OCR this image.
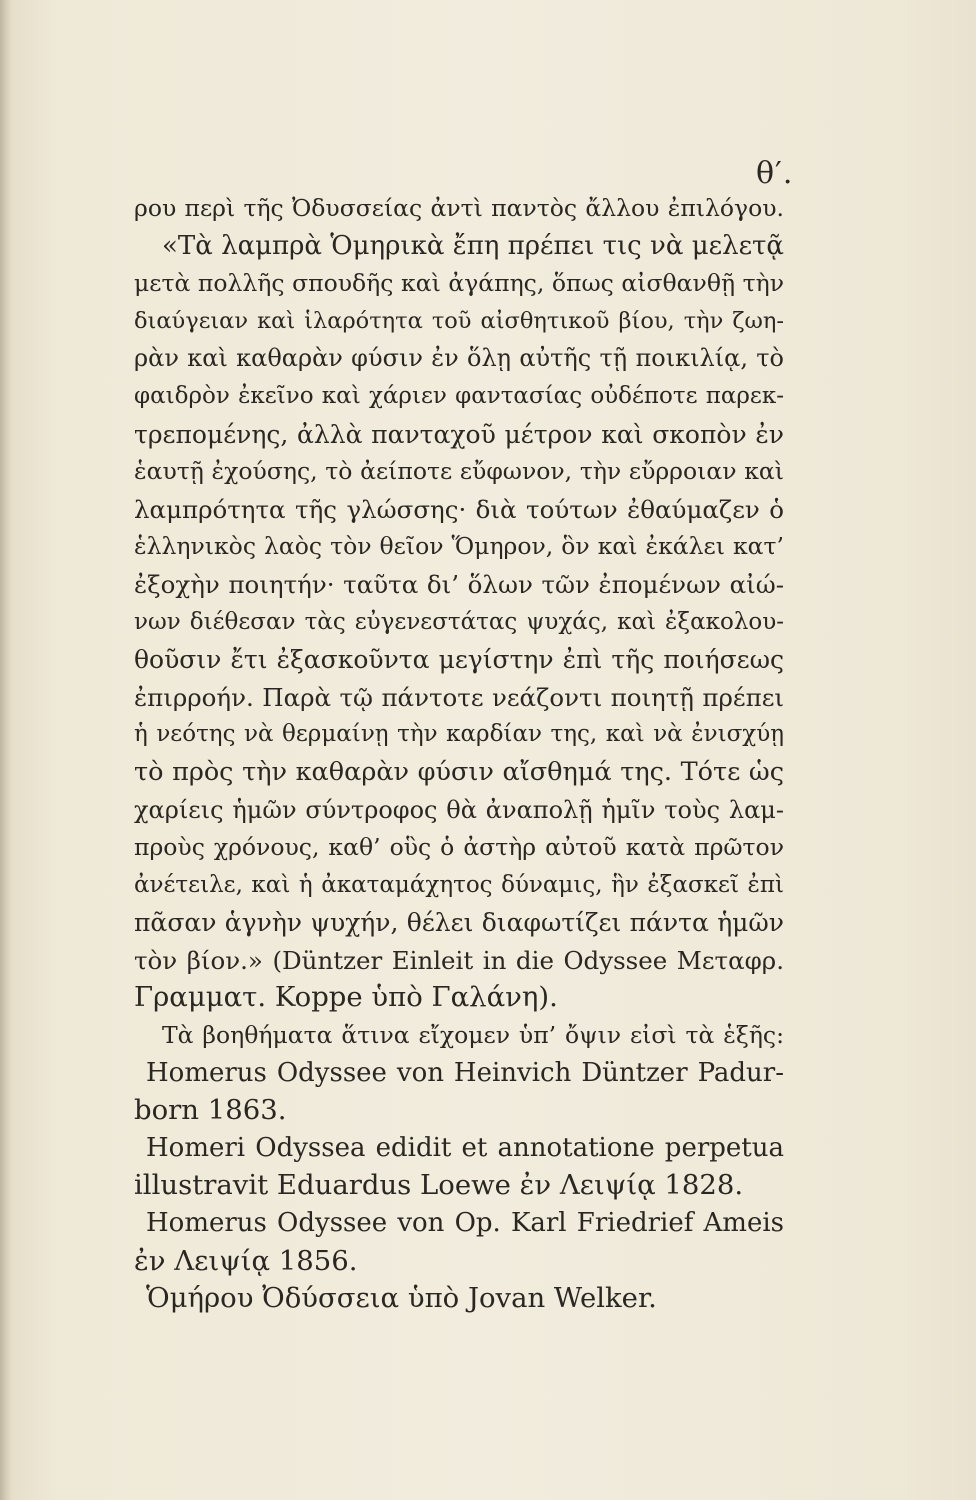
θ′.
ρου περὶ τῆς Ὀδυσσείας ἀντὶ παντὸς ἄλλου ἐπιλόγου.
«Τὰ λαμπρὰ Ὁμηρικὰ ἔπη πρέπει τις νὰ μελετᾷ
μετὰ πολλῆς σπουδῆς καὶ ἀγάπης, ὅπως αἰσθανθῇ τὴν
διαύγειαν καὶ ἱλαρότητα τοῦ αἰσθητικοῦ βίου, τὴν ζωη-
ρὰν καὶ καθαρὰν φύσιν ἐν ὅλῃ αὐτῆς τῇ ποικιλίᾳ, τὸ
φαιδρὸν ἐκεῖνο καὶ χάριεν φαντασίας οὐδέποτε παρεκ-
τρεπομένης, ἀλλὰ πανταχοῦ μέτρον καὶ σκοπὸν ἐν
ἑαυτῇ ἐχούσης, τὸ ἀείποτε εὔφωνον, τὴν εὔρροιαν καὶ
λαμπρότητα τῆς γλώσσης· διὰ τούτων ἐθαύμαζεν ὁ
ἑλληνικὸς λαὸς τὸν θεῖον Ὅμηρον, ὃν καὶ ἐκάλει κατ’
ἐξοχὴν ποιητήν· ταῦτα δι’ ὅλων τῶν ἐπομένων αἰώ-
νων διέθεσαν τὰς εὐγενεστάτας ψυχάς, καὶ ἐξακολου-
θοῦσιν ἔτι ἐξασκοῦντα μεγίστην ἐπὶ τῆς ποιήσεως
ἐπιρροήν. Παρὰ τῷ πάντοτε νεάζοντι ποιητῇ πρέπει
ἡ νεότης νὰ θερμαίνῃ τὴν καρδίαν της, καὶ νὰ ἐνισχύῃ
τὸ πρὸς τὴν καθαρὰν φύσιν αἴσθημά της. Τότε ὡς
χαρίεις ἡμῶν σύντροφος θὰ ἀναπολῇ ἡμῖν τοὺς λαμ-
προὺς χρόνους, καθ’ οὓς ὁ ἀστὴρ αὐτοῦ κατὰ πρῶτον
ἀνέτειλε, καὶ ἡ ἀκαταμάχητος δύναμις, ἣν ἐξασκεῖ ἐπὶ
πᾶσαν ἁγνὴν ψυχήν, θέλει διαφωτίζει πάντα ἡμῶν
τὸν βίον.» (Düntzer Einleit in die Odyssee Μεταφρ.
Γραμματ. Koppe ὑπὸ Γαλάνη).
Τὰ βοηθήματα ἅτινα εἴχομεν ὑπ’ ὄψιν εἰσὶ τὰ ἑξῆς:
Homerus Odyssee von Heinvich Düntzer Padur-
born 1863.
Homeri Odyssea edidit et annotatione perpetua
illustravit Eduardus Loewe ἐν Λειψίᾳ 1828.
Homerus Odyssee von Op. Karl Friedrief Ameis
ἐν Λειψίᾳ 1856.
Ὁμήρου Ὀδύσσεια ὑπὸ Jovan Welker.
